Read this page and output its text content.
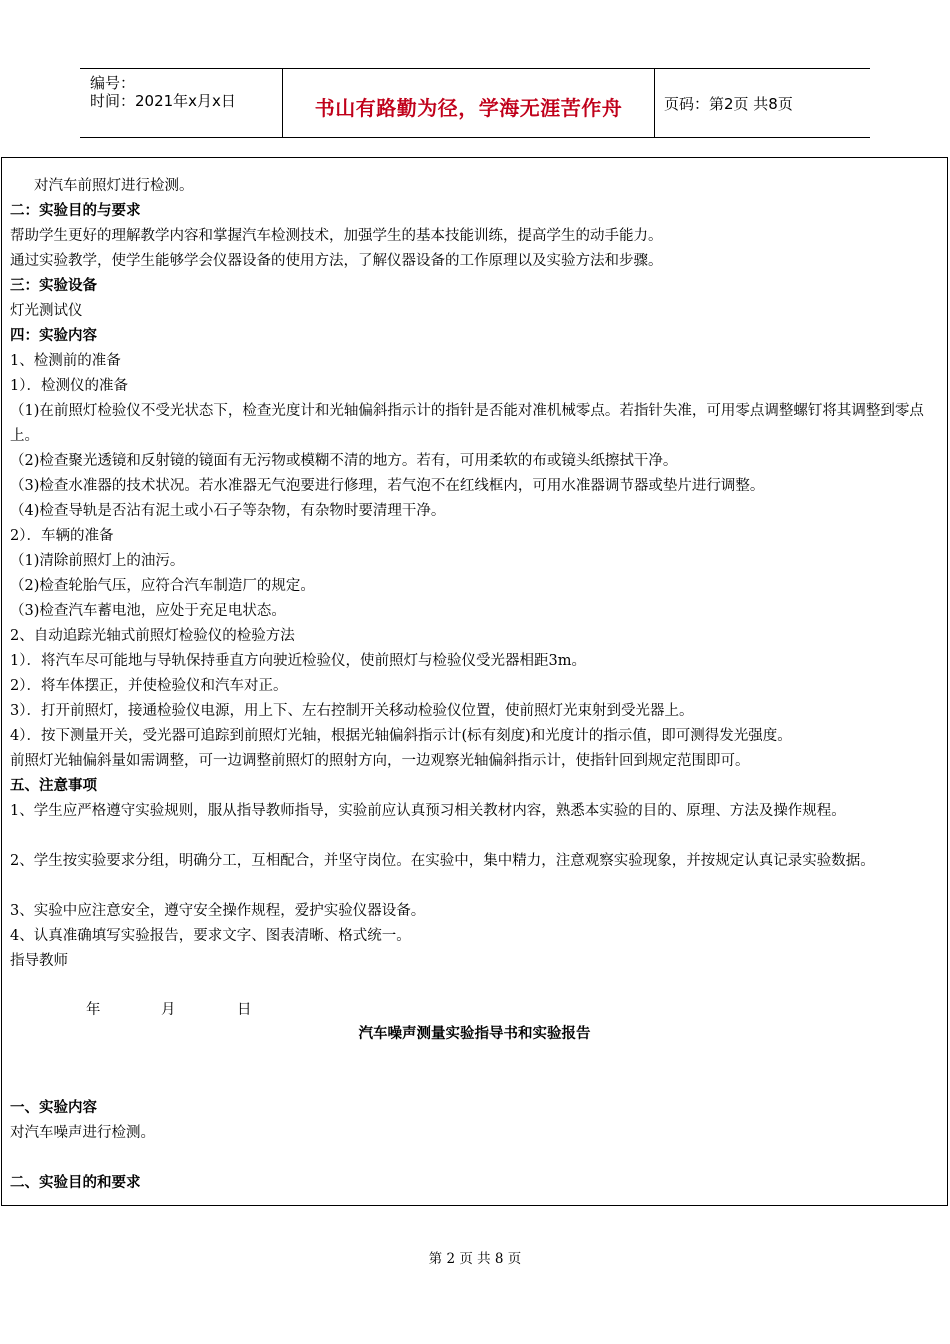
编号：
时间：2021年x月x日	书山有路勤为径，学海无涯苦作舟	页码：第2页 共8页
对汽车前照灯进行检测。
二：实验目的与要求
帮助学生更好的理解教学内容和掌握汽车检测技术，加强学生的基本技能训练，提高学生的动手能力。
通过实验教学，使学生能够学会仪器设备的使用方法，了解仪器设备的工作原理以及实验方法和步骤。
三：实验设备
灯光测试仪
四：实验内容
1、检测前的准备
1）．检测仪的准备
（1)在前照灯检验仪不受光状态下，检查光度计和光轴偏斜指示计的指针是否能对准机械零点。若指针失准，可用零点调整螺钉将其调整到零点上。
（2)检查聚光透镜和反射镜的镜面有无污物或模糊不清的地方。若有，可用柔软的布或镜头纸擦拭干净。
（3)检查水准器的技术状况。若水准器无气泡要进行修理，若气泡不在红线框内，可用水准器调节器或垫片进行调整。
（4)检查导轨是否沾有泥土或小石子等杂物，有杂物时要清理干净。
2）．车辆的准备
（1)清除前照灯上的油污。
（2)检查轮胎气压，应符合汽车制造厂的规定。
（3)检查汽车蓄电池，应处于充足电状态。
2、自动追踪光轴式前照灯检验仪的检验方法
1）．将汽车尽可能地与导轨保持垂直方向驶近检验仪，使前照灯与检验仪受光器相距3m。
2）．将车体摆正，并使检验仪和汽车对正。
3）．打开前照灯，接通检验仪电源，用上下、左右控制开关移动检验仪位置，使前照灯光束射到受光器上。
4）．按下测量开关，受光器可追踪到前照灯光轴，根据光轴偏斜指示计(标有刻度)和光度计的指示值，即可测得发光强度。
前照灯光轴偏斜量如需调整，可一边调整前照灯的照射方向，一边观察光轴偏斜指示计，使指针回到规定范围即可。
五、注意事项
1、学生应严格遵守实验规则，服从指导教师指导，实验前应认真预习相关教材内容，熟悉本实验的目的、原理、方法及操作规程。
2、学生按实验要求分组，明确分工，互相配合，并坚守岗位。在实验中，集中精力，注意观察实验现象，并按规定认真记录实验数据。
3、实验中应注意安全，遵守安全操作规程，爱护实验仪器设备。
4、认真准确填写实验报告，要求文字、图表清晰、格式统一。
指导教师
年	月	日
汽车噪声测量实验指导书和实验报告
一、实验内容
对汽车噪声进行检测。
二、实验目的和要求
第 2 页 共 8 页
